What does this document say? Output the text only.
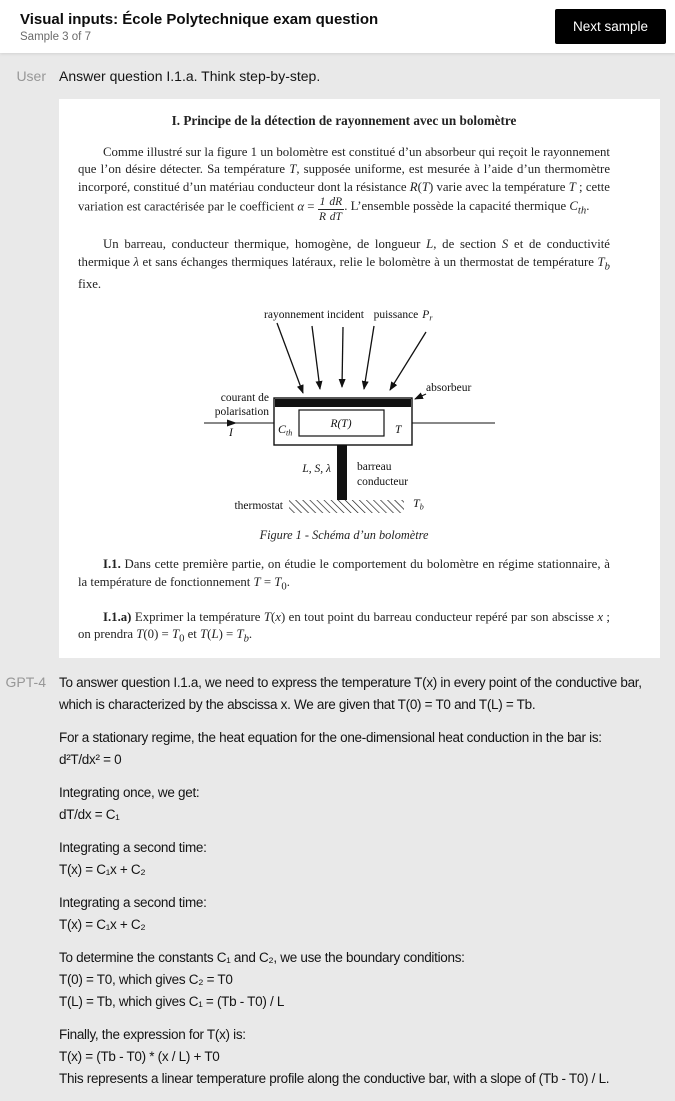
Visual inputs: École Polytechnique exam question
Sample 3 of 7
Next sample
User Answer question I.1.a. Think step-by-step.
I. Principe de la détection de rayonnement avec un bolomètre

Comme illustré sur la figure 1 un bolomètre est constitué d’un absorbeur qui reçoit le rayonnement que l’on désire détecter. Sa température T, supposée uniforme, est mesurée à l’aide d’un thermomètre incorporé, constitué d’un matériau conducteur dont la résistance R(T) varie avec la température T ; cette variation est caractérisée par le coefficient $\alpha = \frac{1}{R} \frac{dR}{dT}$ . L’ensemble possède la capacité thermique $C_{th}$.

Un barreau, conducteur thermique, homogène, de longueur L, de section S et de conductivité thermique λ et sans échanges thermiques latéraux, relie le bolomètre à un thermostat de température $T_b$ fixe.

rayonnement incident puissance $P_r$
absorbeur
R(T)
courant de
polarisation
I	$C_{th}$	T
L, S, λ barreau
conducteur
thermostat	$T_b$
Figure 1 - Schéma d’un bolomètre

I.1. Dans cette première partie, on étudie le comportement du bolomètre en régime stationnaire, à la température de fonctionnement $T = T_0$.

I.1.a) Exprimer la température T(x) en tout point du barreau conducteur repéré par son abscisse x ; on prendra $T(0) = T_0$ et $T(L) = T_b$.

GPT-4 To answer question I.1.a, we need to express the temperature T(x) in every point of the conductive bar, which is characterized by the abscissa x. We are given that T(0) = T0 and T(L) = Tb.
For a stationary regime, the heat equation for the one-dimensional heat conduction in the bar is:
d²T/dx² = 0
Integrating once, we get:
dT/dx = C₁
Integrating a second time:
T(x) = C₁x + C₂
Integrating a second time:
T(x) = C₁x + C₂
To determine the constants C₁ and C₂, we use the boundary conditions:
T(0) = T0, which gives C₂ = T0
T(L) = Tb, which gives C₁ = (Tb - T0) / L
Finally, the expression for T(x) is:
T(x) = (Tb - T0) * (x / L) + T0
This represents a linear temperature profile along the conductive bar, with a slope of (Tb - T0) / L.
